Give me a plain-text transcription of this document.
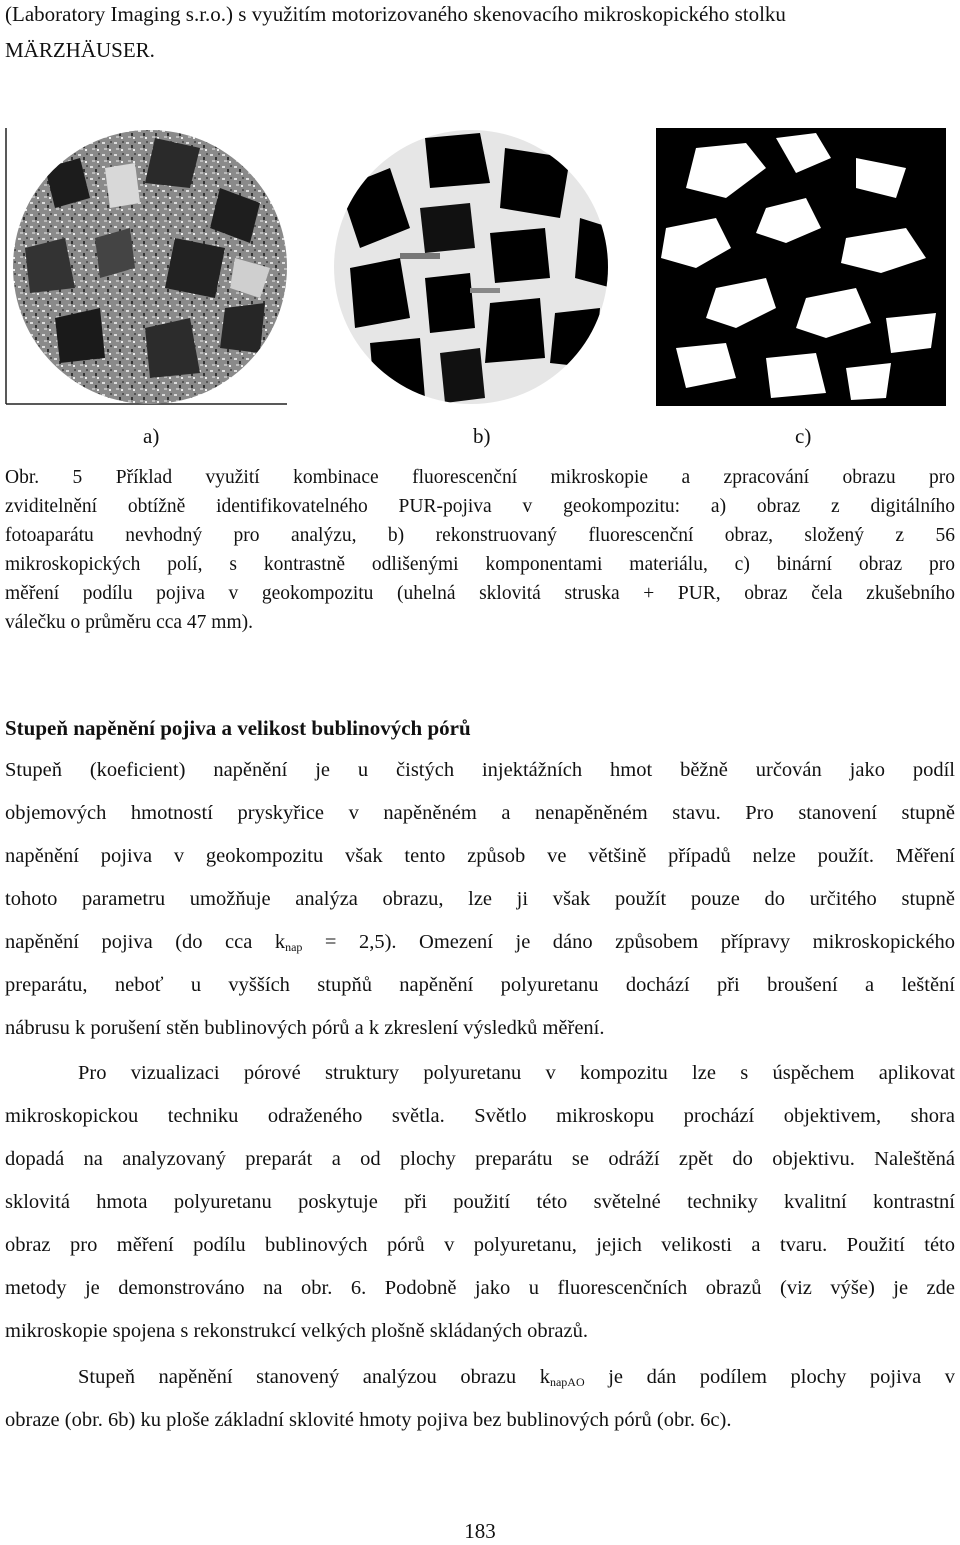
(Laboratory Imaging s.r.o.) s využitím motorizovaného skenovacího mikroskopického stolku

MÄRZHÄUSER.

a)	b)	c)

Obr. 5 Příklad využití kombinace fluorescenční mikroskopie a zpracování obrazu pro

zviditelnění obtížně identifikovatelného PUR-pojiva v geokompozitu: a) obraz z digitálního

fotoaparátu nevhodný pro analýzu, b) rekonstruovaný fluorescenční obraz, složený z 56

mikroskopických polí, s kontrastně odlišenými komponentami materiálu, c) binární obraz pro

měření podílu pojiva v geokompozitu (uhelná sklovitá struska + PUR, obraz čela zkušebního

válečku o průměru cca 47 mm).

Stupeň napěnění pojiva a velikost bublinových pórů

Stupeň (koeficient) napěnění je u čistých injektážních hmot běžně určován jako podíl

objemových hmotností pryskyřice v napěněném a nenapěněném stavu. Pro stanovení stupně

napěnění pojiva v geokompozitu však tento způsob ve většině případů nelze použít. Měření

tohoto parametru umožňuje analýza obrazu, lze ji však použít pouze do určitého stupně

napěnění pojiva (do cca $k_{nap} = 2,5$). Omezení je dáno způsobem přípravy mikroskopického

preparátu, neboť u vyšších stupňů napěnění polyuretanu dochází při broušení a leštění

nábrusu k porušení stěn bublinových pórů a k zkreslení výsledků měření.

Pro vizualizaci pórové struktury polyuretanu v kompozitu lze s úspěchem aplikovat

mikroskopickou techniku odraženého světla. Světlo mikroskopu prochází objektivem, shora

dopadá na analyzovaný preparát a od plochy preparátu se odráží zpět do objektivu. Naleštěná

sklovitá hmota polyuretanu poskytuje při použití této světelné techniky kvalitní kontrastní

obraz pro měření podílu bublinových pórů v polyuretanu, jejich velikosti a tvaru. Použití této

metody je demonstrováno na obr. 6. Podobně jako u fluorescenčních obrazů (viz výše) je zde

mikroskopie spojena s rekonstrukcí velkých plošně skládaných obrazů.

Stupeň napěnění stanovený analýzou obrazu $k_{napAO}$ je dán podílem plochy pojiva v

obraze (obr. 6b) ku ploše základní sklovité hmoty pojiva bez bublinových pórů (obr. 6c).

183
